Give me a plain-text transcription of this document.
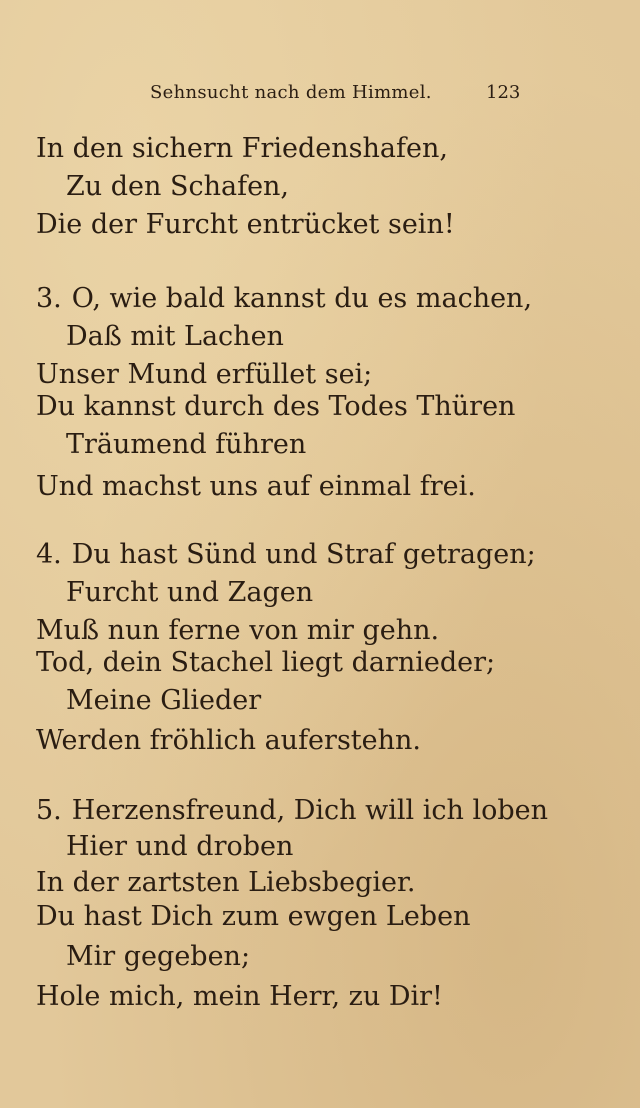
Sehnsucht nach dem Himmel.	123
In den sichern Friedenshafen,
Zu den Schafen,
Die der Furcht entrücket sein!
3. O, wie bald kannst du es machen,
Daß mit Lachen
Unser Mund erfüllet sei;
Du kannst durch des Todes Thüren
Träumend führen
Und machst uns auf einmal frei.
4. Du hast Sünd und Straf getragen;
Furcht und Zagen
Muß nun ferne von mir gehn.
Tod, dein Stachel liegt darnieder;
Meine Glieder
Werden fröhlich auferstehn.
5. Herzensfreund, Dich will ich loben
Hier und droben
In der zartsten Liebsbegier.
Du hast Dich zum ewgen Leben
Mir gegeben;
Hole mich, mein Herr, zu Dir!
